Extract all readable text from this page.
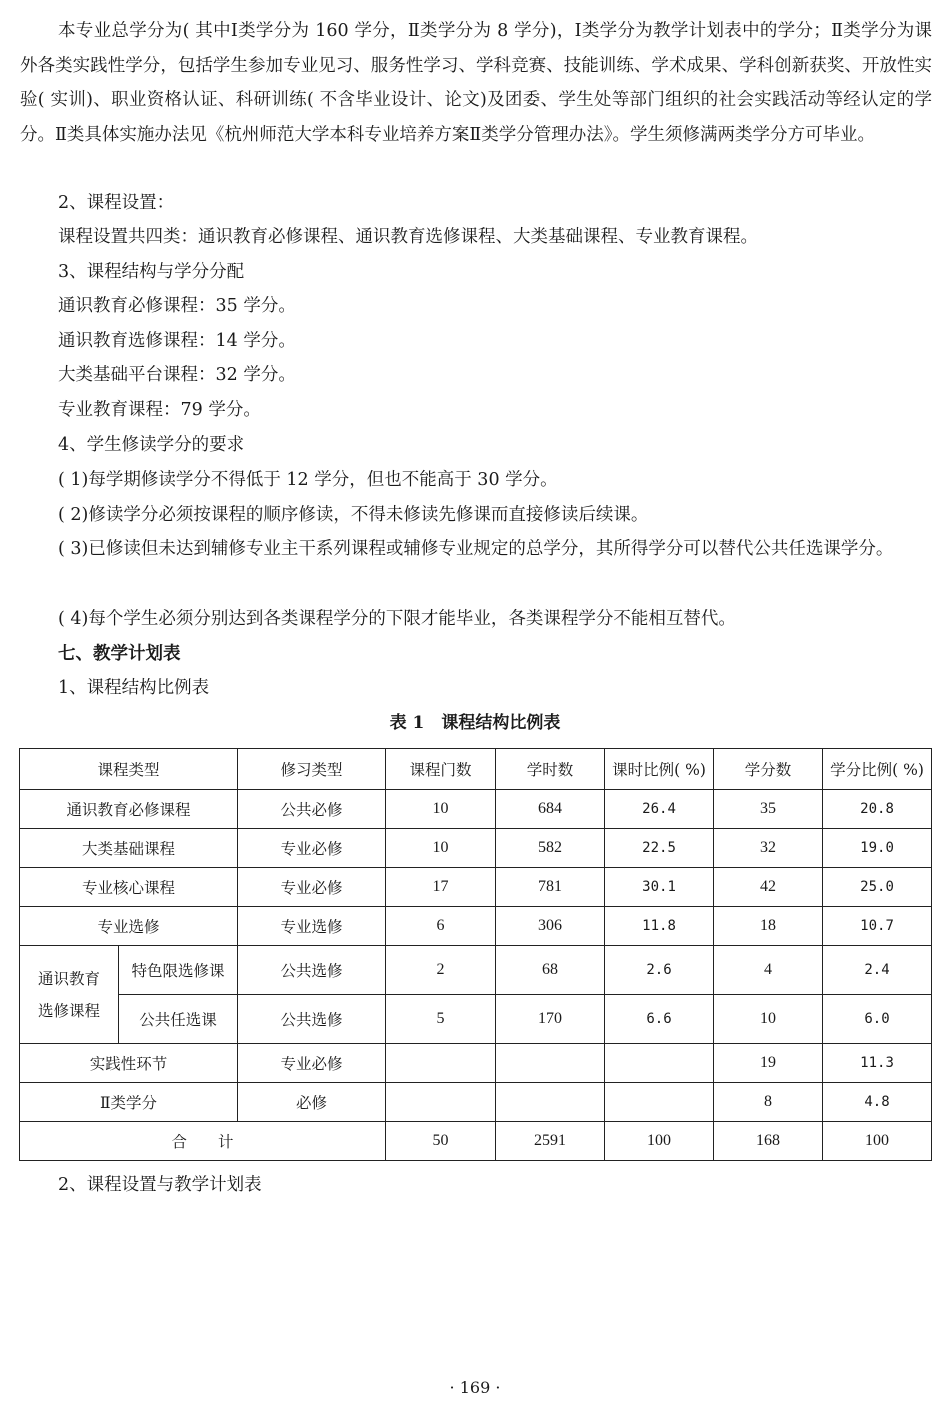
本专业总学分为( 其中Ⅰ类学分为 160 学分，Ⅱ类学分为 8 学分)，Ⅰ类学分为教学计划表中的学分；Ⅱ类学分为课外各类实践性学分，包括学生参加专业见习、服务性学习、学科竞赛、技能训练、学术成果、学科创新获奖、开放性实验( 实训)、职业资格认证、科研训练( 不含毕业设计、论文)及团委、学生处等部门组织的社会实践活动等经认定的学分。Ⅱ类具体实施办法见《杭州师范大学本科专业培养方案Ⅱ类学分管理办法》。学生须修满两类学分方可毕业。

2、课程设置：

课程设置共四类：通识教育必修课程、通识教育选修课程、大类基础课程、专业教育课程。

3、课程结构与学分分配

通识教育必修课程：35 学分。

通识教育选修课程：14 学分。

大类基础平台课程：32 学分。

专业教育课程：79 学分。

4、学生修读学分的要求

( 1)每学期修读学分不得低于 12 学分，但也不能高于 30 学分。

( 2)修读学分必须按课程的顺序修读，不得未修读先修课而直接修读后续课。

( 3)已修读但未达到辅修专业主干系列课程或辅修专业规定的总学分，其所得学分可以替代公共任选课学分。

( 4)每个学生必须分别达到各类课程学分的下限才能毕业，各类课程学分不能相互替代。

七、教学计划表

1、课程结构比例表

表 1　课程结构比例表
课程类型		修习类型	课程门数	学时数	课时比例( %)	学分数	学分比例( %)
通识教育必修课程		公共必修	10	684	26.4	35	20.8
大类基础课程		专业必修	10	582	22.5	32	19.0
专业核心课程		专业必修	17	781	30.1	42	25.0
专业选修		专业选修	6	306	11.8	18	10.7
通识教育
选修课程	特色限选修课	公共选修	2	68	2.6	4	2.4
	公共任选课	公共选修	5	170	6.6	10	6.0
实践性环节		专业必修				19	11.3
Ⅱ类学分		必修				8	4.8
合　　计			50	2591	100	168	100

2、课程设置与教学计划表

· 169 ·
